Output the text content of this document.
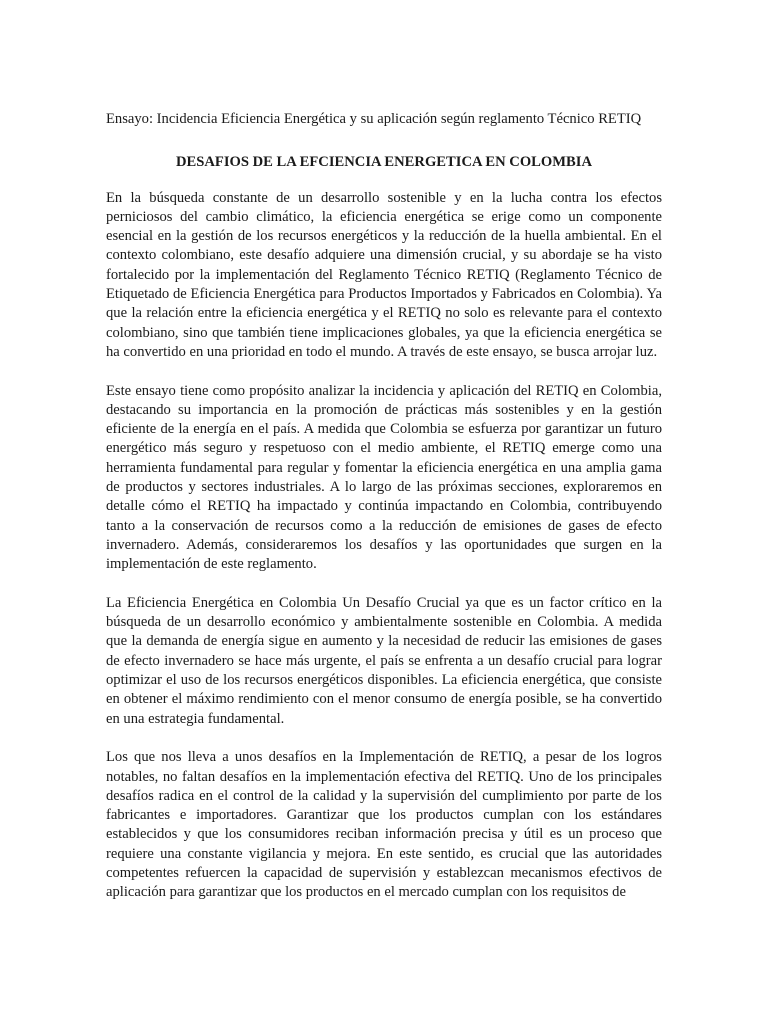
Ensayo: Incidencia Eficiencia Energética y su aplicación según reglamento Técnico RETIQ

DESAFIOS DE LA EFCIENCIA ENERGETICA EN COLOMBIA

En la búsqueda constante de un desarrollo sostenible y en la lucha contra los efectos perniciosos del cambio climático, la eficiencia energética se erige como un componente esencial en la gestión de los recursos energéticos y la reducción de la huella ambiental. En el contexto colombiano, este desafío adquiere una dimensión crucial, y su abordaje se ha visto fortalecido por la implementación del Reglamento Técnico RETIQ (Reglamento Técnico de Etiquetado de Eficiencia Energética para Productos Importados y Fabricados en Colombia). Ya que la relación entre la eficiencia energética y el RETIQ no solo es relevante para el contexto colombiano, sino que también tiene implicaciones globales, ya que la eficiencia energética se ha convertido en una prioridad en todo el mundo. A través de este ensayo, se busca arrojar luz.

Este ensayo tiene como propósito analizar la incidencia y aplicación del RETIQ en Colombia, destacando su importancia en la promoción de prácticas más sostenibles y en la gestión eficiente de la energía en el país. A medida que Colombia se esfuerza por garantizar un futuro energético más seguro y respetuoso con el medio ambiente, el RETIQ emerge como una herramienta fundamental para regular y fomentar la eficiencia energética en una amplia gama de productos y sectores industriales. A lo largo de las próximas secciones, exploraremos en detalle cómo el RETIQ ha impactado y continúa impactando en Colombia, contribuyendo tanto a la conservación de recursos como a la reducción de emisiones de gases de efecto invernadero. Además, consideraremos los desafíos y las oportunidades que surgen en la implementación de este reglamento.

La Eficiencia Energética en Colombia Un Desafío Crucial ya que es un factor crítico en la búsqueda de un desarrollo económico y ambientalmente sostenible en Colombia. A medida que la demanda de energía sigue en aumento y la necesidad de reducir las emisiones de gases de efecto invernadero se hace más urgente, el país se enfrenta a un desafío crucial para lograr optimizar el uso de los recursos energéticos disponibles. La eficiencia energética, que consiste en obtener el máximo rendimiento con el menor consumo de energía posible, se ha convertido en una estrategia fundamental.

Los que nos lleva a unos desafíos en la Implementación de RETIQ, a pesar de los logros notables, no faltan desafíos en la implementación efectiva del RETIQ. Uno de los principales desafíos radica en el control de la calidad y la supervisión del cumplimiento por parte de los fabricantes e importadores. Garantizar que los productos cumplan con los estándares establecidos y que los consumidores reciban información precisa y útil es un proceso que requiere una constante vigilancia y mejora. En este sentido, es crucial que las autoridades competentes refuercen la capacidad de supervisión y establezcan mecanismos efectivos de aplicación para garantizar que los productos en el mercado cumplan con los requisitos de
